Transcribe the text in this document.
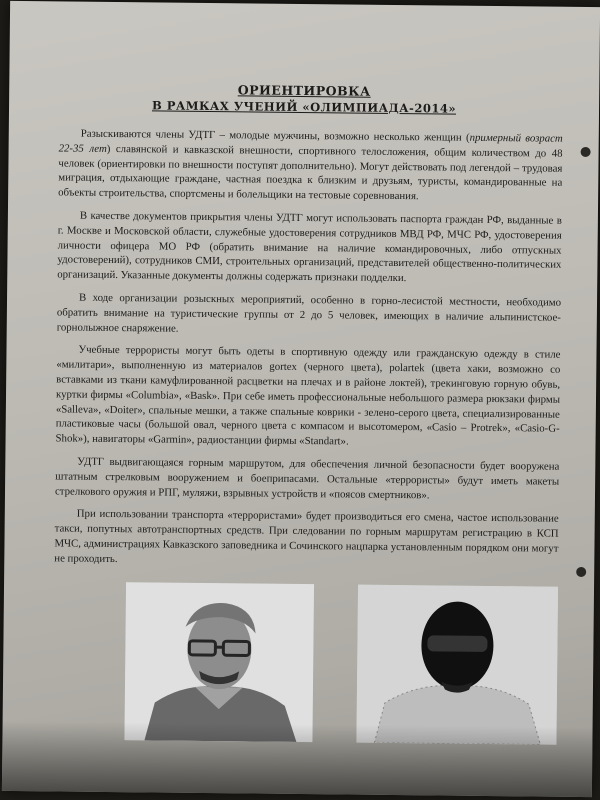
ОРИЕНТИРОВКА
В РАМКАХ УЧЕНИЙ «ОЛИМПИАДА-2014»

Разыскиваются члены УДТГ – молодые мужчины, возможно несколько женщин (примерный возраст 22-35 лет) славянской и кавказской внешности, спортивного телосложения, общим количеством до 48 человек (ориентировки по внешности поступят дополнительно). Могут действовать под легендой – трудовая миграция, отдыхающие граждане, частная поездка к близким и друзьям, туристы, командированные на объекты строительства, спортсмены и болельщики на тестовые соревнования.

В качестве документов прикрытия члены УДТГ могут использовать паспорта граждан РФ, выданные в г. Москве и Московской области, служебные удостоверения сотрудников МВД РФ, МЧС РФ, удостоверения личности офицера МО РФ (обратить внимание на наличие командировочных, либо отпускных удостоверений), сотрудников СМИ, строительных организаций, представителей общественно-политических организаций. Указанные документы должны содержать признаки подделки.

В ходе организации розыскных мероприятий, особенно в горно-лесистой местности, необходимо обратить внимание на туристические группы от 2 до 5 человек, имеющих в наличие альпинистское-горнолыжное снаряжение.

Учебные террористы могут быть одеты в спортивную одежду или гражданскую одежду в стиле «милитари», выполненную из материалов gortex (черного цвета), polartek (цвета хаки, возможно со вставками из ткани камуфлированной расцветки на плечах и в районе локтей), трекинговую горную обувь, куртки фирмы «Columbia», «Bask». При себе иметь профессиональные небольшого размера рюкзаки фирмы «Salleva», «Doiter», спальные мешки, а также спальные коврики - зелено-серого цвета, специализированные пластиковые часы (большой овал, черного цвета с компасом и высотомером, «Casio – Protrek», «Casio-G-Shok»), навигаторы «Garmin», радиостанции фирмы «Standart».

УДТГ выдвигающаяся горным маршрутом, для обеспечения личной безопасности будет вооружена штатным стрелковым вооружением и боеприпасами. Остальные «террористы» будут иметь макеты стрелкового оружия и РПГ, муляжи, взрывных устройств и «поясов смертников».

При использовании транспорта «террористами» будет производиться его смена, частое использование такси, попутных автотранспортных средств. При следовании по горным маршрутам регистрацию в КСП МЧС, администрациях Кавказского заповедника и Сочинского нацпарка установленным порядком они могут не проходить.
